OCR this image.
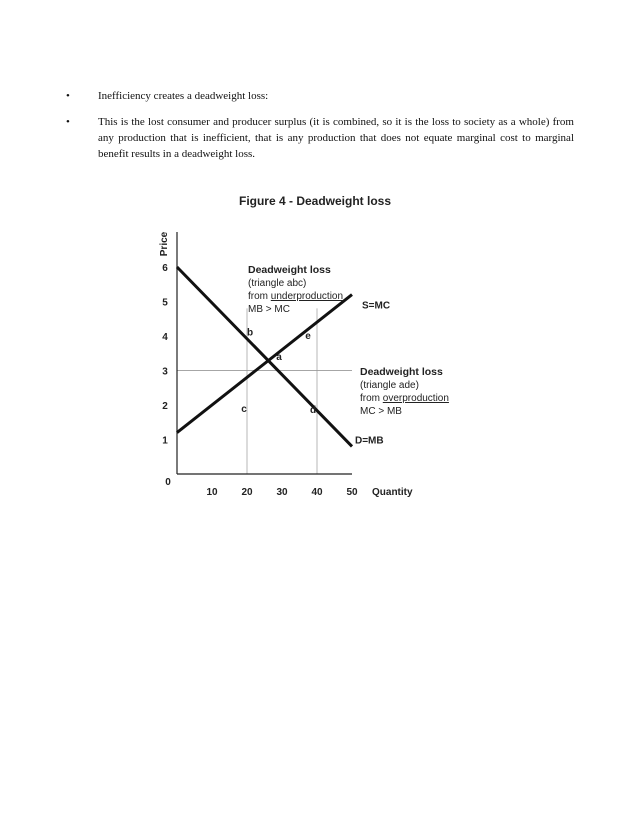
•	Inefficiency creates a deadweight loss:
•	This is the lost consumer and producer surplus (it is combined, so it is the loss to society as a whole) from any production that is inefficient, that is any production that does not equate marginal cost to marginal benefit results in a deadweight loss.
Figure 4 - Deadweight loss
Price
Quantity
0
10 20 30 40 50
1
2
3
4
5
6
S=MC
D=MB
a
b
c	d
e
Deadweight loss
(triangle abc)
from underproduction
MB > MC
Deadweight loss
(triangle ade)
from overproduction
MC > MB
